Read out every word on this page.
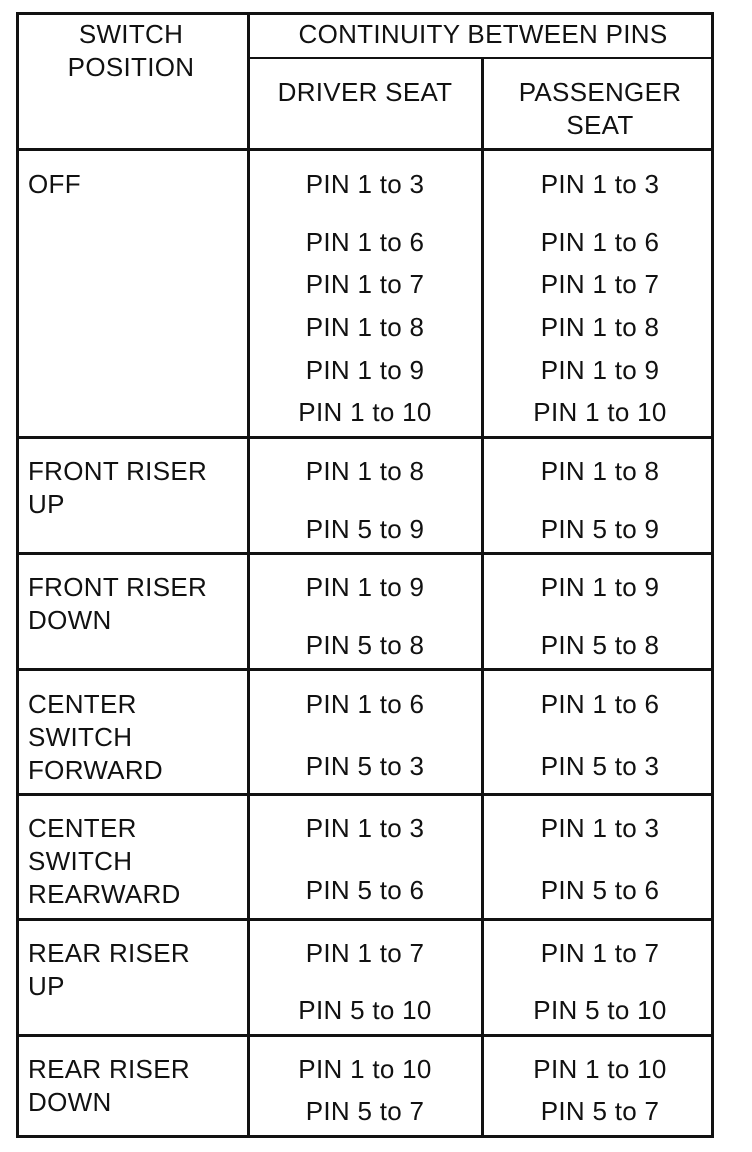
SWITCH
POSITION
CONTINUITY BETWEEN PINS
DRIVER SEAT	PASSENGER
SEAT
OFF	PIN 1 to 3
PIN 1 to 6
PIN 1 to 7
PIN 1 to 8
PIN 1 to 9
PIN 1 to 10
PIN 1 to 3
PIN 1 to 6
PIN 1 to 7
PIN 1 to 8
PIN 1 to 9
PIN 1 to 10
FRONT RISER
UP
PIN 1 to 8
PIN 5 to 9
PIN 1 to 8
PIN 5 to 9
FRONT RISER
DOWN
PIN 1 to 9
PIN 5 to 8
PIN 1 to 9
PIN 5 to 8
CENTER
SWITCH
FORWARD
PIN 1 to 6
PIN 5 to 3
PIN 1 to 6
PIN 5 to 3
CENTER
SWITCH
REARWARD
PIN 1 to 3
PIN 5 to 6
PIN 1 to 3
PIN 5 to 6
REAR RISER
UP
PIN 1 to 7
PIN 5 to 10
PIN 1 to 7
PIN 5 to 10
REAR RISER
DOWN
PIN 1 to 10
PIN 5 to 7
PIN 1 to 10
PIN 5 to 7
